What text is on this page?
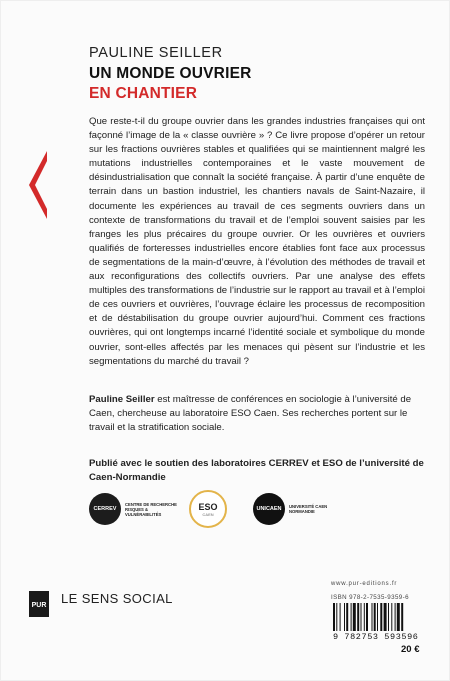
PAULINE SEILLER
UN MONDE OUVRIER
EN CHANTIER

Que reste-t-il du groupe ouvrier dans les grandes industries françaises qui ont façonné l’image de la « classe ouvrière » ? Ce livre propose d’opérer un retour sur les fractions ouvrières stables et qualifiées qui se maintiennent malgré les mutations industrielles contemporaines et le vaste mouvement de désindustrialisation que connaît la société française. À partir d’une enquête de terrain dans un bastion industriel, les chantiers navals de Saint-Nazaire, il documente les expériences au travail de ces segments ouvriers dans un contexte de transformations du travail et de l’emploi souvent saisies par les franges les plus précaires du groupe ouvrier. Or les ouvrières et ouvriers qualifiés de forteresses industrielles encore établies font face aux processus de segmentations de la main-d’œuvre, à l’évolution des méthodes de travail et aux reconfigurations des collectifs ouvriers. Par une analyse des effets multiples des transformations de l’industrie sur le rapport au travail et à l’emploi de ces ouvriers et ouvrières, l’ouvrage éclaire les processus de recomposition et de déstabilisation du groupe ouvrier aujourd’hui. Comment ces fractions ouvrières, qui ont longtemps incarné l’identité sociale et symbolique du monde ouvrier, sont-elles affectés par les menaces qui pèsent sur l’industrie et les segmentations du marché du travail ?

Pauline Seiller est maîtresse de conférences en sociologie à l’université de Caen, chercheuse au laboratoire ESO Caen. Ses recherches portent sur le travail et la stratification sociale.

Publié avec le soutien des laboratoires CERREV et ESO de l’université de Caen-Normandie

CERREV
CENTRE DE RECHERCHE RISQUES & VULNÉRABILITÉS
ESO
CAEN
UNICAEN	UNIVERSITÉ CAEN NORMANDIE
PUR LE SENS SOCIAL
www.pur-editions.fr
ISBN 978-2-7535-9359-6
9 782753 593596
20 €
